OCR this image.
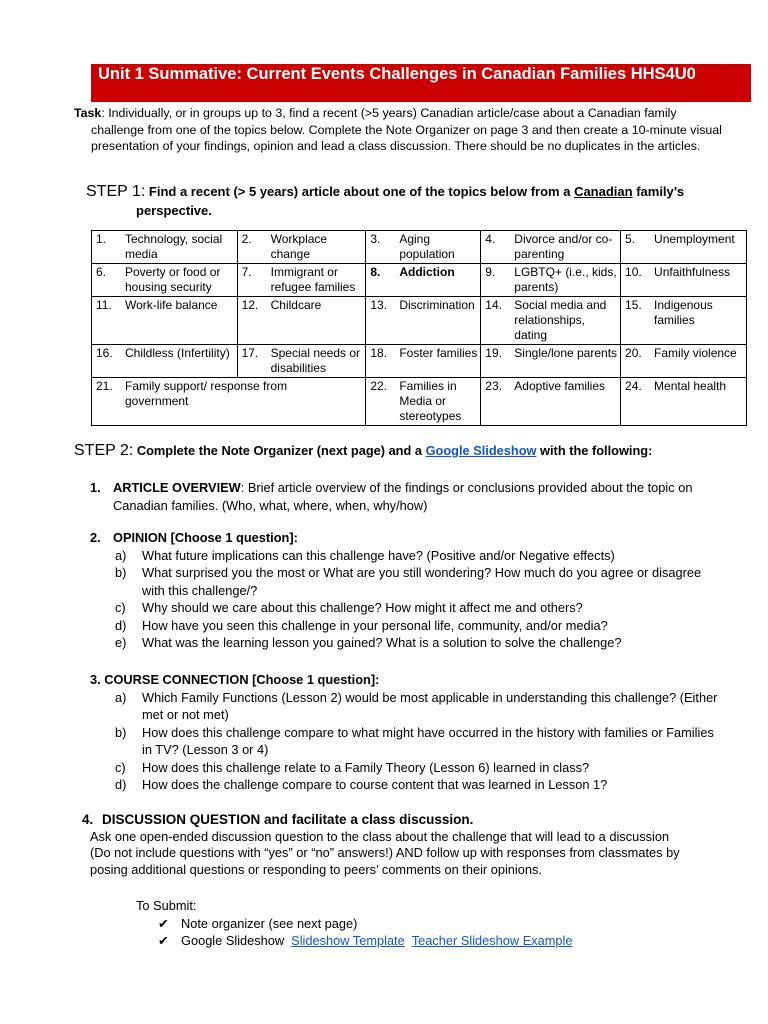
Unit 1 Summative: Current Events Challenges in Canadian Families HHS4U0
Task: Individually, or in groups up to 3, find a recent (>5 years) Canadian article/case about a Canadian family
challenge from one of the topics below. Complete the Note Organizer on page 3 and then create a 10-minute visual
presentation of your findings, opinion and lead a class discussion. There should be no duplicates in the articles.
STEP 1: Find a recent (> 5 years) article about one of the topics below from a Canadian family’s
perspective.
1. Technology, social media	2. Workplace change	3. Aging population	4. Divorce and/or co-parenting	5. Unemployment

6. Poverty or food or housing security	7. Immigrant or refugee families	8. Addiction	9. LGBTQ+ (i.e., kids, parents)	10. Unfaithfulness

11. Work-life balance	12. Childcare	13. Discrimination	14. Social media and relationships, dating	15. Indigenous families

16. Childless (Infertility)	17. Special needs or disabilities	18. Foster families	19. Single/lone parents	20. Family violence

21. Family support/ response from government		22. Families in Media or stereotypes	23. Adoptive families	24. Mental health
STEP 2: Complete the Note Organizer (next page) and a Google Slideshow with the following:
1. ARTICLE OVERVIEW: Brief article overview of the findings or conclusions provided about the topic on
Canadian families. (Who, what, where, when, why/how)
2. OPINION [Choose 1 question]:
a)	What future implications can this challenge have? (Positive and/or Negative effects)
b)	What surprised you the most or What are you still wondering? How much do you agree or disagree with this challenge/?
c)	Why should we care about this challenge? How might it affect me and others?
d)	How have you seen this challenge in your personal life, community, and/or media?
e)	What was the learning lesson you gained? What is a solution to solve the challenge?
3. COURSE CONNECTION [Choose 1 question]:
a)	Which Family Functions (Lesson 2) would be most applicable in understanding this challenge? (Either met or not met)
b)	How does this challenge compare to what might have occurred in the history with families or Families in TV? (Lesson 3 or 4)
c)	How does this challenge relate to a Family Theory (Lesson 6) learned in class?
d)	How does the challenge compare to course content that was learned in Lesson 1?
4. DISCUSSION QUESTION and facilitate a class discussion.
Ask one open-ended discussion question to the class about the challenge that will lead to a discussion
(Do not include questions with “yes” or “no” answers!) AND follow up with responses from classmates by
posing additional questions or responding to peers’ comments on their opinions.
To Submit:
✔ Note organizer (see next page)
✔ Google Slideshow Slideshow Template Teacher Slideshow Example
